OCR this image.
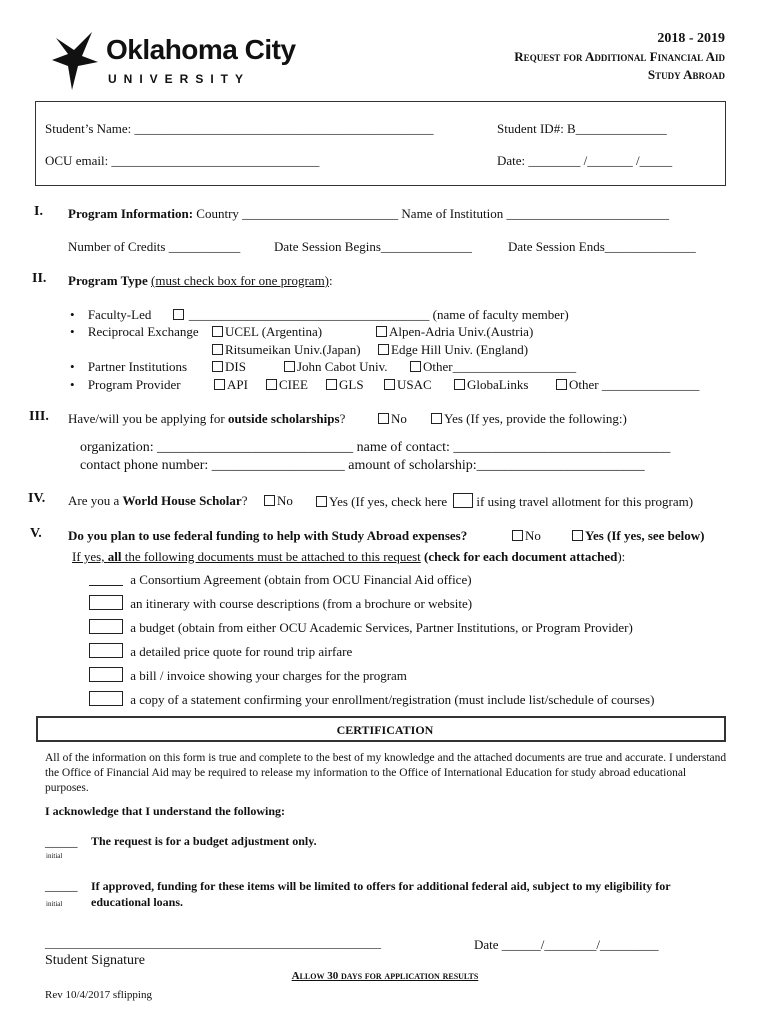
Oklahoma City
UNIVERSITY
2018 - 2019
Request for Additional Financial Aid
Study Abroad
Student’s Name: ______________________________________________	Student ID#: B______________
OCU email: ________________________________	Date: ________ /_______ /_____
I. Program Information: Country ________________________ Name of Institution _________________________
Number of Credits ___________	Date Session Begins______________	Date Session Ends______________
II. Program Type (must check box for one program):
• Faculty-Led	_____________________________________ (name of faculty member)
• Reciprocal Exchange	UCEL (Argentina)	Alpen-Adria Univ.(Austria)
Ritsumeikan Univ.(Japan)	Edge Hill Univ. (England)
• Partner Institutions	DIS	John Cabot Univ.	Other___________________
• Program Provider	API	CIEE	GLS	USAC	GlobaLinks	Other _______________
III. Have/will you be applying for outside scholarships?	No	Yes (If yes, provide the following:)
organization: ____________________________ name of contact: _______________________________
contact phone number: ___________________ amount of scholarship:________________________
IV. Are you a World House Scholar?	No	Yes (If yes, check here if using travel allotment for this program)
V. Do you plan to use federal funding to help with Study Abroad expenses?	No	Yes (If yes, see below)
If yes, all the following documents must be attached to this request (check for each document attached):
a Consortium Agreement (obtain from OCU Financial Aid office)
an itinerary with course descriptions (from a brochure or website)
a budget (obtain from either OCU Academic Services, Partner Institutions, or Program Provider)
a detailed price quote for round trip airfare
a bill / invoice showing your charges for the program
a copy of a statement confirming your enrollment/registration (must include list/schedule of courses)
CERTIFICATION
All of the information on this form is true and complete to the best of my knowledge and the attached documents are true and accurate. I understand the Office of Financial Aid may be required to release my information to the Office of International Education for study abroad educational purposes.
I acknowledge that I understand the following:
_____
initial
The request is for a budget adjustment only.
_____
initial
If approved, funding for these items will be limited to offers for additional federal aid, subject to my eligibility for educational loans.
________________________________________________________
Student Signature
Date ______/________/_________
Allow 30 days for application results
Rev 10/4/2017 sflipping
